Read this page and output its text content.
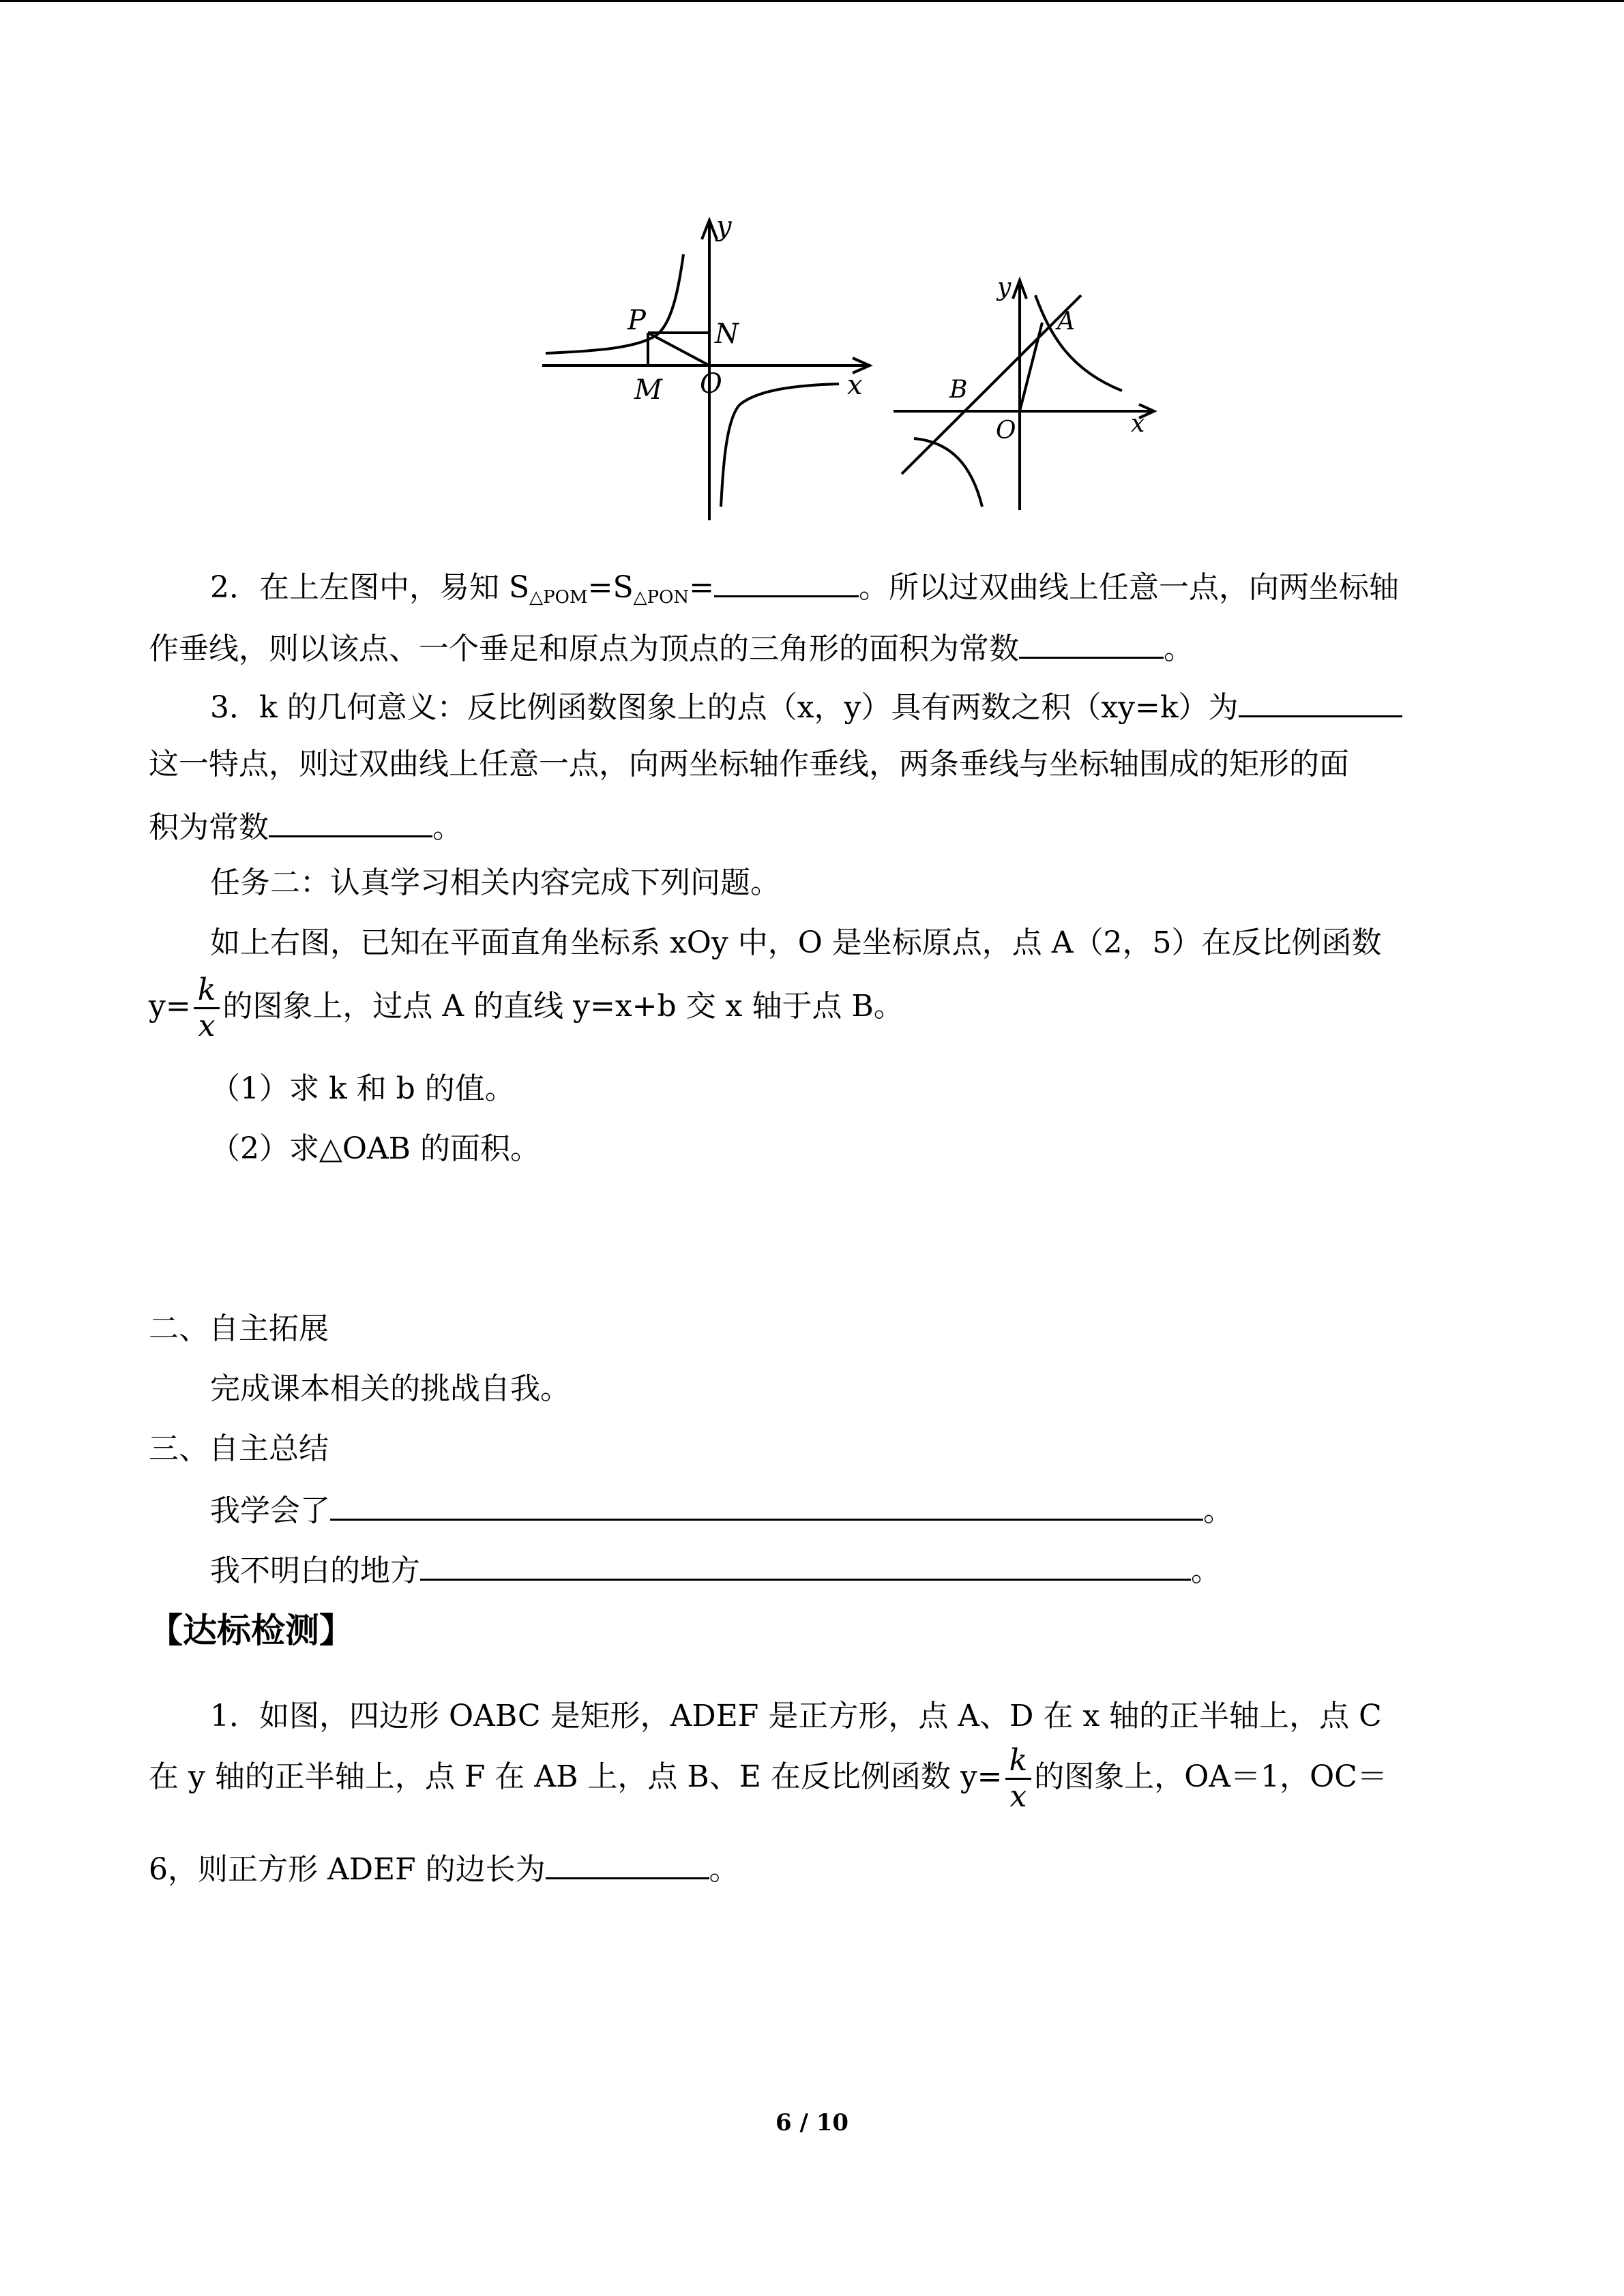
y
x
P	N
M O
y
x
A
B
O
2．在上左图中，易知 $S_{\triangle POM}=S_{\triangle PON}=$	。所以过双曲线上任意一点，向两坐标轴
作垂线，则以该点、一个垂足和原点为顶点的三角形的面积为常数	。
3．k 的几何意义：反比例函数图象上的点（x，y）具有两数之积（xy=k）为
这一特点，则过双曲线上任意一点，向两坐标轴作垂线，两条垂线与坐标轴围成的矩形的面
积为常数	。
任务二：认真学习相关内容完成下列问题。
如上右图，已知在平面直角坐标系 xOy 中，O 是坐标原点，点 A（2，5）在反比例函数
$y= \frac{k}{x}$ 的图象上，过点 A 的直线 y=x+b 交 x 轴于点 B。
（1）求 k 和 b 的值。
（2）求△OAB 的面积。
二、自主拓展
完成课本相关的挑战自我。
三、自主总结
我学会了	。
我不明白的地方	。
【达标检测】
1．如图，四边形 OABC 是矩形，ADEF 是正方形，点 A、D 在 x 轴的正半轴上，点 C
在 y 轴的正半轴上，点 F 在 AB 上，点 B、E 在反比例函数 $y= \frac{k}{x}$ 的图象上，OA＝1，OC＝
6，则正方形 ADEF 的边长为	。
6 / 10
